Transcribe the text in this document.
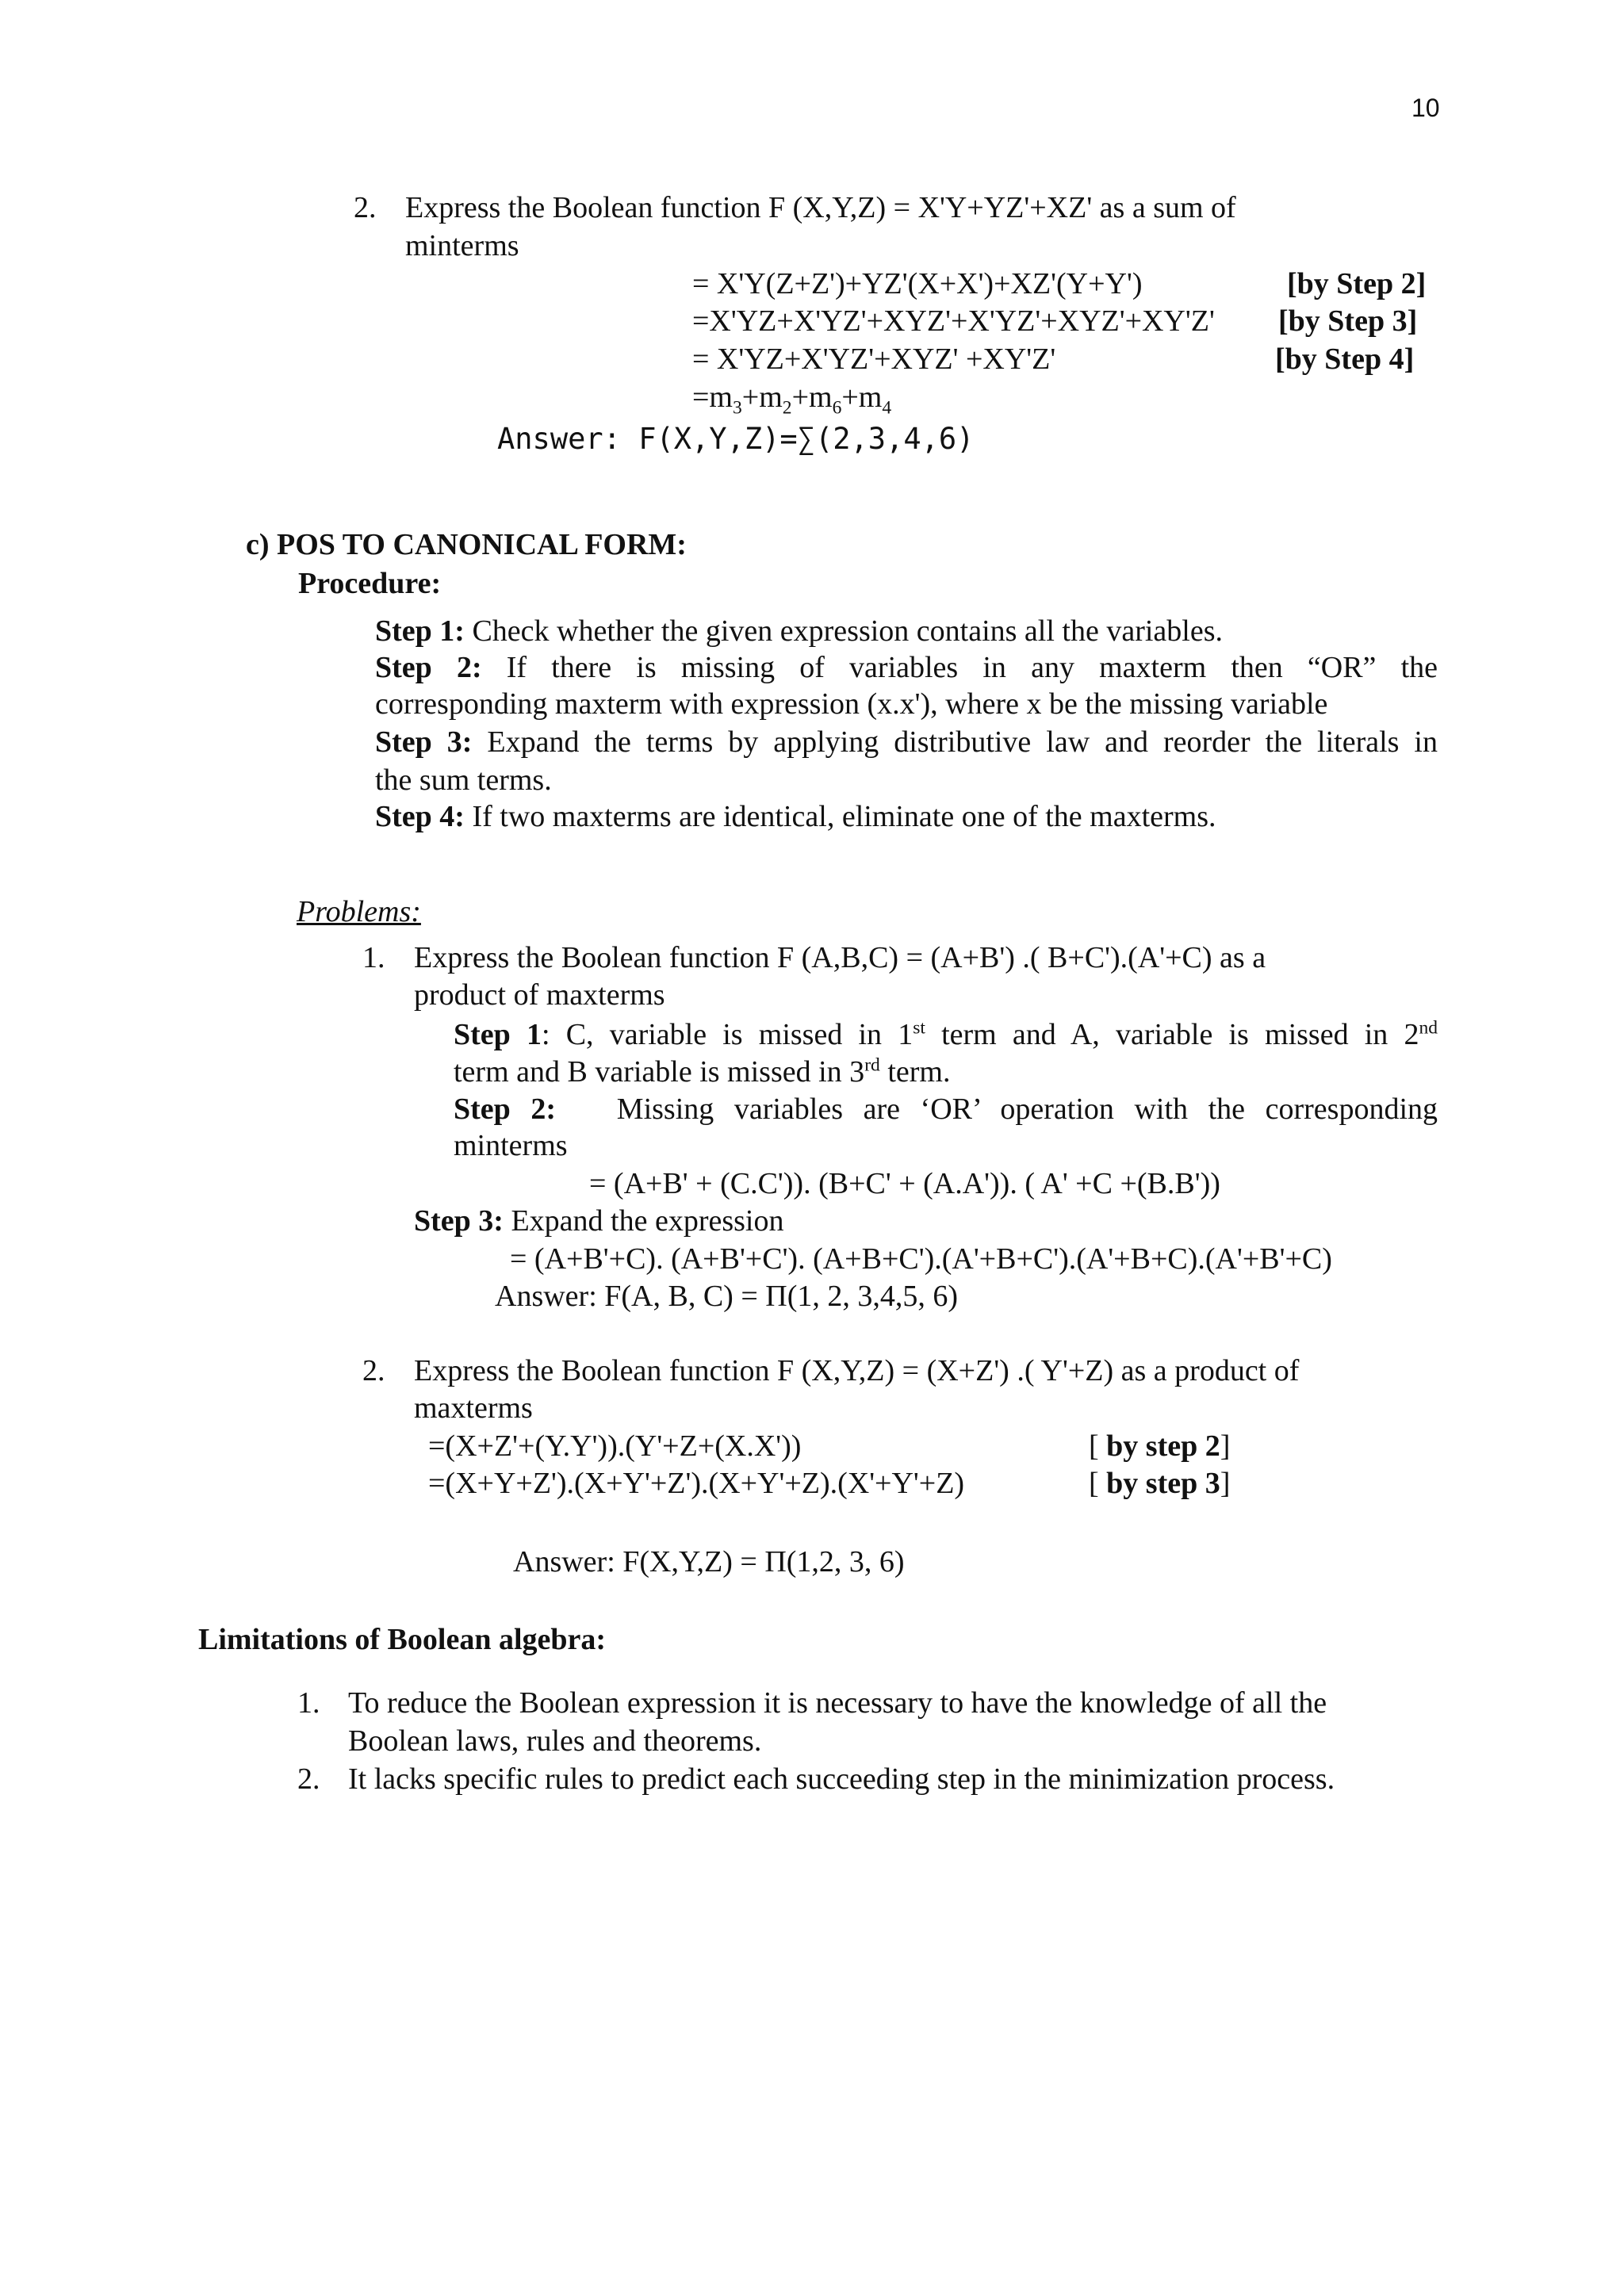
10
2. Express the Boolean function F (X,Y,Z) = X'Y+YZ'+XZ' as a sum of
minterms
= X'Y(Z+Z')+YZ'(X+X')+XZ'(Y+Y')	[by Step 2]
=X'YZ+X'YZ'+XYZ'+X'YZ'+XYZ'+XY'Z' [by Step 3]
= X'YZ+X'YZ'+XYZ' +XY'Z'	[by Step 4]
$=m_3+m_2+m_6+m_4$
Answer: F(X,Y,Z)=∑(2,3,4,6)
c) POS TO CANONICAL FORM:
Procedure:
Step 1: Check whether the given expression contains all the variables.
Step 2: If there is missing of variables in any maxterm then “OR” the
corresponding maxterm with expression (x.x'), where x be the missing variable
Step 3: Expand the terms by applying distributive law and reorder the literals in
the sum terms.
Step 4: If two maxterms are identical, eliminate one of the maxterms.
Problems:
1. Express the Boolean function F (A,B,C) = (A+B') .( B+C').(A'+C) as a
product of maxterms
Step 1: C, variable is missed in 1st term and A, variable is missed in 2nd
term and B variable is missed in 3rd term.
Step 2: Missing variables are ‘OR’ operation with the corresponding
minterms
= (A+B' + (C.C')). (B+C' + (A.A')). ( A' +C +(B.B'))
Step 3: Expand the expression
= (A+B'+C). (A+B'+C'). (A+B+C').(A'+B+C').(A'+B+C).(A'+B'+C)
Answer: F(A, B, C) = Π(1, 2, 3,4,5, 6)
2. Express the Boolean function F (X,Y,Z) = (X+Z') .( Y'+Z) as a product of
maxterms
=(X+Z'+(Y.Y')).(Y'+Z+(X.X'))	[ by step 2]
=(X+Y+Z').(X+Y'+Z').(X+Y'+Z).(X'+Y'+Z)	[ by step 3]
Answer: F(X,Y,Z) = Π(1,2, 3, 6)
Limitations of Boolean algebra:
1. To reduce the Boolean expression it is necessary to have the knowledge of all the
Boolean laws, rules and theorems.
2. It lacks specific rules to predict each succeeding step in the minimization process.
